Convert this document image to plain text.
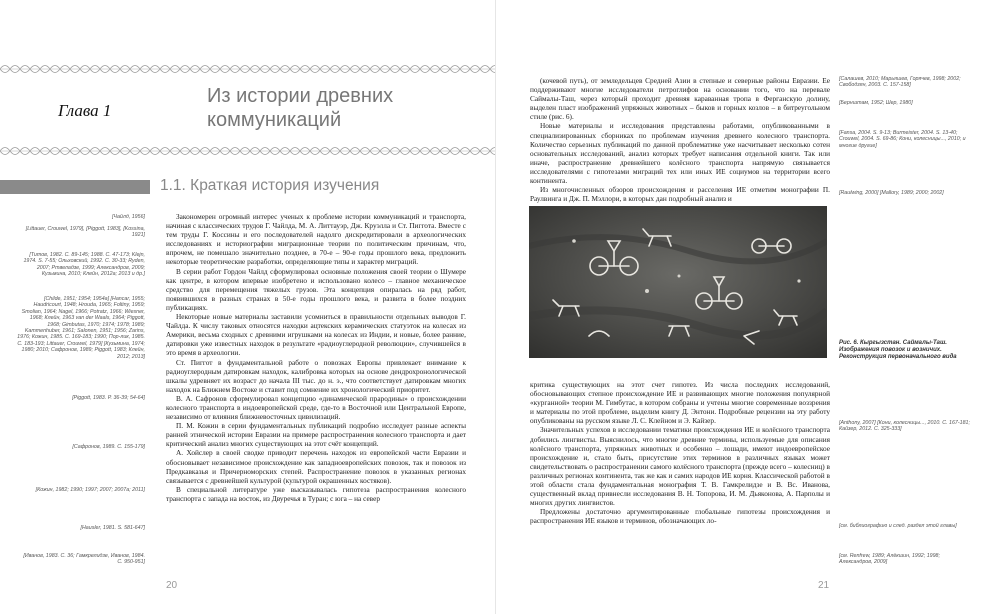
Глава 1
Из истории древних коммуникаций
1.1. Краткая история изучения
[Чайлд, 1956]
[Littauer, Crouwel, 1979], [Piggott, 1983], [Kossina, 1921]
[Титов, 1982. С. 89-145; 1988. С. 47-173; Klejn, 1974. S. 7-55; Ольховский, 1992. С. 30-33; Ryden, 2007; Ртвеладзе, 1999; Александров, 2009; Кузьмина, 2010; Клейн, 2012а; 2013 и др.]
[Childe, 1951; 1954; 1954a] [Hancar, 1955; Haudricourt, 1948; Hrouda, 1965; Foltiny, 1959; Smolian, 1964; Nagel, 1966; Potratz, 1966; Wiesner, 1968; Клейн, 1963 van der Waals, 1964; Piggott, 1968; Gimbutas, 1970; 1974; 1978; 1989; Kammenhuber, 1961; Salonen, 1951; 1956; Zarins, 1976; Кожин, 1985. С. 169-183; 1990; Пор-лик, 1985. С. 183-193; Littauer, Crouwel, 1979] [Кузьмина, 1974; 1980; 2010; Сафронов, 1989; Piggott, 1983; Клейн, 2012; 2013]
[Piggott, 1983. P. 36-39; 54-64]
[Сафронов, 1989. С. 155-179]
[Кожин, 1982; 1990; 1997; 2007; 2007a; 2011]
[Hausler, 1981. S. 581-647]
[Иванов, 1983. С. 36; Гамкрелидзе, Иванов, 1984. С. 950-951]

Закономерен огромный интерес ученых к проблеме истории коммуникаций и транспорта, начиная с классических трудов Г. Чайлда, М. А. Литтауэр, Дж. Круэлла и Ст. Пиггота. Вместе с тем труды Г. Коссины и его последователей надолго дискредитировали в археологических исследованиях и историографии миграционные теории по политическим причинам, что, впрочем, не помешало значительно позднее, в 70-е – 90-е годы прошлого века, предложить некоторые теоретические разработки, определяющие типы и характер миграций.

В серии работ Гордон Чайлд сформулировал основные положения своей теории о Шумере как центре, в котором впервые изобретено и использовано колесо – главное механическое средство для перемещения тяжелых грузов. Эта концепция опиралась на ряд работ, появившихся в разных странах в 50-е годы прошлого века, и развита в более поздних публикациях.

Некоторые новые материалы заставили усомниться в правильности отдельных выводов Г. Чайлда. К числу таковых относятся находки ацтекских керамических статуэток на колесах из Америки, весьма сходных с древними игрушками на колесах из Индии, и новые, более ранние, датировки уже известных находок в результате «радиоуглеродной революции», случившейся в это время в археологии.

Ст. Пиггот в фундаментальной работе о повозках Европы привлекает внимание к радиоуглеродным датировкам находок, калибровка которых на основе дендрохронологической шкалы удревняет их возраст до начала III тыс. до н. э., что соответствует датировкам многих находок на Ближнем Востоке и ставит под сомнение их хронологический приоритет.

В. А. Сафронов сформулировал концепцию «динамической прародины» о происхождении колесного транспорта в индоевропейской среде, где-то в Восточной или Центральной Европе, независимо от влияния ближневосточных цивилизаций.

П. М. Кожин в серии фундаментальных публикаций подробно исследует разные аспекты ранней этнической истории Евразии на примере распространения колесного транспорта и дает критический анализ многих существующих на этот счёт концепций.

А. Хойслер в своей сводке приводит перечень находок из европейской части Евразии и обосновывает независимое происхождение как западноевропейских повозок, так и повозок из Предкавказья и Причерноморских степей. Распространение повозок в указанных регионах связывается с древнейшей культурой (культурой окрашенных костяков).

В специальной литературе уже высказывалась гипотеза распространения колесного транспорта с запада на восток, из Двуречья в Туран; с юга – на север

20
[Салашев, 2010; Марьяшев, Горячев, 1998; 2002; Свободзян, 2003. С. 157-158]
[Бернштам, 1952; Шер, 1980]
[Fansa, 2004. S. 9-13; Burmeister, 2004. S. 13-40; Crouwel, 2004. S. 69-86; Кони, колесницы..., 2010; и многие другие]
[Raulwing, 2000] [Mallory, 1989; 2000; 2002]

(кочевой путь), от земледельцев Средней Азии в степные и северные районы Евразии. Ее поддерживают многие исследователи петроглифов на основании того, что на перевале Саймалы-Таш, через который проходит древняя караванная тропа в Ферганскую долину, выделен пласт изображений упряжных животных – быков и горных козлов – в битреугольном стиле (рис. 6).

Новые материалы и исследования представлены работами, опубликованными в специализированных сборниках по проблемам изучения древнего колесного транспорта. Количество серьезных публикаций по данной проблематике уже насчитывает несколько сотен основательных исследований, анализ которых требует написания отдельной книги. Так или иначе, распространение древнейшего колёсного транспорта напрямую связывается исследователями с гипотезами миграций тех или иных ИЕ социумов на территории всего континента.

Из многочисленных обзоров происхождения и расселения ИЕ отметим монографии П. Раулвинга и Дж. П. Мэллори, в которых дан подробный анализ и

Рис. 6. Кыргызстан. Саймалы-Таш. Изображения повозок и возничих. Реконструкция первоначального вида

критика существующих на этот счет гипотез. Из числа последних исследований, обосновывающих степное происхождение ИЕ и развивающих многие положения популярной «курганной» теории М. Гимбутас, в котором собраны и учтены многие современные воззрения и материалы по этой проблеме, выделим книгу Д. Энтони. Подробные рецензии на эту работу опубликованы на русском языке Л. С. Клейном и Э. Кайзер.

Значительных успехов в исследовании тематики происхождения ИЕ и колёсного транспорта добились лингвисты. Выяснилось, что многие древние термины, используемые для описания колёсного транспорта, упряжных животных и особенно – лошади, имеют индоевропейское происхождение и, стало быть, присутствие этих терминов в различных языках может свидетельствовать о распространении самого колёсного транспорта (прежде всего – колесниц) в различных регионах континента, так же как и самих народов ИЕ корня. Классической работой в этой области стала фундаментальная монография Т. В. Гамкрелидзе и В. Вс. Иванова, существенный вклад привнесли исследования В. Н. Топорова, И. М. Дьяконова, А. Парполы и многих других лингвистов.

Предложены достаточно аргументированные глобальные гипотезы происхождения и распространения ИЕ языков и терминов, обозначающих ло-

[Anthony, 2007] [Кони, колесницы..., 2010. С. 167-181; Кайзер, 2012. С. 325-333]
[см. библиографию и след. раздел этой главы]
[см. Renfrew, 1989; Алёкшин, 1992; 1998; Александров, 2009]
21
